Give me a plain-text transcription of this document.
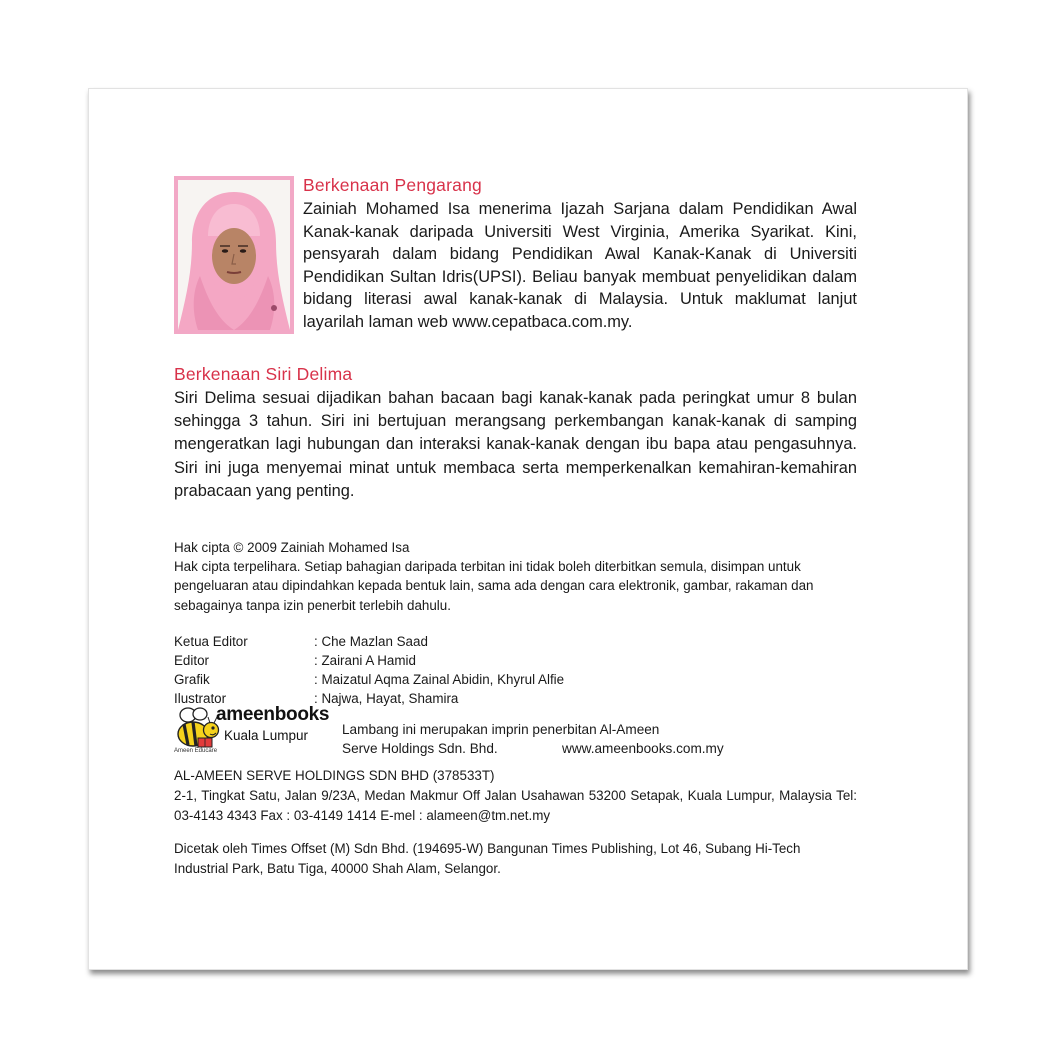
Berkenaan Pengarang
Zainiah Mohamed Isa menerima Ijazah Sarjana dalam Pendidikan Awal Kanak-kanak daripada Universiti West Virginia, Amerika Syarikat. Kini, pensyarah dalam bidang Pendidikan Awal Kanak-Kanak di Universiti Pendidikan Sultan Idris(UPSI). Beliau banyak membuat penyelidikan dalam bidang literasi awal kanak-kanak di Malaysia. Untuk maklumat lanjut layarilah laman web www.cepatbaca.com.my.
Berkenaan Siri Delima
Siri Delima sesuai dijadikan bahan bacaan bagi kanak-kanak pada peringkat umur 8 bulan sehingga 3 tahun. Siri ini bertujuan merangsang perkembangan kanak-kanak di samping mengeratkan lagi hubungan dan interaksi kanak-kanak dengan ibu bapa atau pengasuhnya. Siri ini juga menyemai minat untuk membaca serta memperkenalkan kemahiran-kemahiran prabacaan yang penting.
Hak cipta © 2009 Zainiah Mohamed Isa
Hak cipta terpelihara. Setiap bahagian daripada terbitan ini tidak boleh diterbitkan semula, disimpan untuk pengeluaran atau dipindahkan kepada bentuk lain, sama ada dengan cara elektronik, gambar, rakaman dan sebagainya tanpa izin penerbit terlebih dahulu.
Ketua Editor	: Che Mazlan Saad
Editor	: Zairani A Hamid
Grafik	: Maizatul Aqma Zainal Abidin, Khyrul Alfie
Ilustrator	: Najwa, Hayat, Shamira
ameenbooks
Kuala Lumpur
Ameen Educare
Lambang ini merupakan imprin penerbitan Al-Ameen
Serve Holdings Sdn. Bhd.	www.ameenbooks.com.my
AL-AMEEN SERVE HOLDINGS SDN BHD (378533T)
2-1, Tingkat Satu, Jalan 9/23A, Medan Makmur Off Jalan Usahawan 53200 Setapak, Kuala Lumpur, Malaysia Tel: 03-4143 4343 Fax : 03-4149 1414 E-mel : alameen@tm.net.my
Dicetak oleh Times Offset (M) Sdn Bhd. (194695-W) Bangunan Times Publishing, Lot 46, Subang Hi-Tech Industrial Park, Batu Tiga, 40000 Shah Alam, Selangor.
